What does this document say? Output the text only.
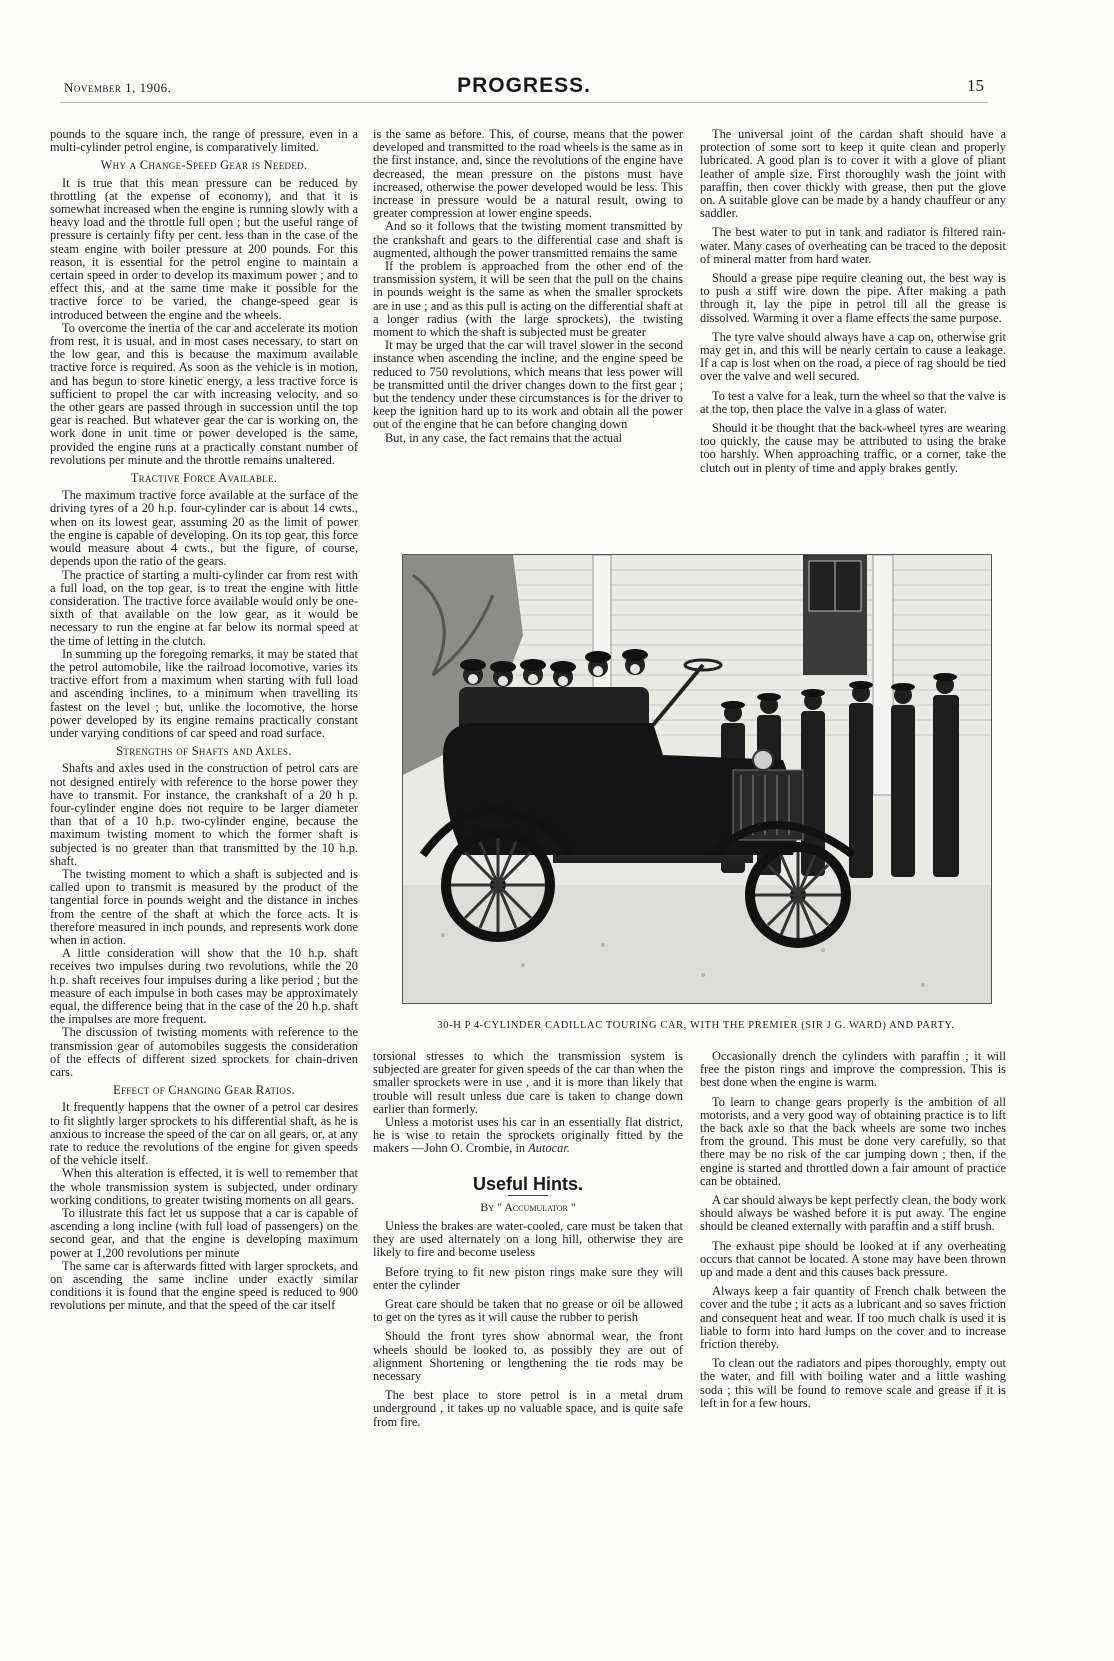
November 1, 1906.	PROGRESS.	15

pounds to the square inch, the range of pressure, even in a multi-cylinder petrol engine, is comparatively limited.

Why a Change-Speed Gear is Needed.

It is true that this mean pressure can be reduced by throttling (at the expense of economy), and that it is somewhat increased when the engine is running slowly with a heavy load and the throttle full open ; but the useful range of pressure is certainly fifty per cent. less than in the case of the steam engine with boiler pressure at 200 pounds. For this reason, it is essential for the petrol engine to maintain a certain speed in order to develop its maximum power ; and to effect this, and at the same time make it possible for the tractive force to be varied, the change-speed gear is introduced between the engine and the wheels.

To overcome the inertia of the car and accelerate its motion from rest, it is usual, and in most cases necessary, to start on the low gear, and this is because the maximum available tractive force is required. As soon as the vehicle is in motion, and has begun to store kinetic energy, a less tractive force is sufficient to propel the car with increasing velocity, and so the other gears are passed through in succession until the top gear is reached. But whatever gear the car is working on, the work done in unit time or power developed is the same, provided the engine runs at a practically constant number of revolutions per minute and the throttle remains unaltered.

Tractive Force Available.

The maximum tractive force available at the surface of the driving tyres of a 20 h.p. four-cylinder car is about 14 cwts., when on its lowest gear, assuming 20 as the limit of power the engine is capable of developing. On its top gear, this force would measure about 4 cwts., but the figure, of course, depends upon the ratio of the gears.

The practice of starting a multi-cylinder car from rest with a full load, on the top gear, is to treat the engine with little consideration. The tractive force available would only be one-sixth of that available on the low gear, as it would be necessary to run the engine at far below its normal speed at the time of letting in the clutch.

In summing up the foregoing remarks, it may be stated that the petrol automobile, like the railroad locomotive, varies its tractive effort from a maximum when starting with full load and ascending inclines, to a minimum when travelling its fastest on the level ; but, unlike the locomotive, the horse power developed by its engine remains practically constant under varying conditions of car speed and road surface.

Strengths of Shafts and Axles.

Shafts and axles used in the construction of petrol cars are not designed entirely with reference to the horse power they have to transmit. For instance, the crankshaft of a 20 h p. four-cylinder engine does not require to be larger diameter than that of a 10 h.p. two-cylinder engine, because the maximum twisting moment to which the former shaft is subjected is no greater than that transmitted by the 10 h.p. shaft.

The twisting moment to which a shaft is subjected and is called upon to transmit is measured by the product of the tangential force in pounds weight and the distance in inches from the centre of the shaft at which the force acts. It is therefore measured in inch pounds, and represents work done when in action.

A little consideration will show that the 10 h.p. shaft receives two impulses during two revolutions, while the 20 h.p. shaft receives four impulses during a like period ; but the measure of each impulse in both cases may be approximately equal, the difference being that in the case of the 20 h.p. shaft the impulses are more frequent.

The discussion of twisting moments with reference to the transmission gear of automobiles suggests the consideration of the effects of different sized sprockets for chain-driven cars.

Effect of Changing Gear Ratios.

It frequently happens that the owner of a petrol car desires to fit slightly larger sprockets to his differential shaft, as he is anxious to increase the speed of the car on all gears, or, at any rate to reduce the revolutions of the engine for given speeds of the vehicle itself.

When this alteration is effected, it is well to remember that the whole transmission system is subjected, under ordinary working conditions, to greater twisting moments on all gears.

To illustrate this fact let us suppose that a car is capable of ascending a long incline (with full load of passengers) on the second gear, and that the engine is developing maximum power at 1,200 revolutions per minute

The same car is afterwards fitted with larger sprockets, and on ascending the same incline under exactly similar conditions it is found that the engine speed is reduced to 900 revolutions per minute, and that the speed of the car itself

is the same as before. This, of course, means that the power developed and transmitted to the road wheels is the same as in the first instance, and, since the revolutions of the engine have decreased, the mean pressure on the pistons must have increased, otherwise the power developed would be less. This increase in pressure would be a natural result, owing to greater compression at lower engine speeds.

And so it follows that the twisting moment transmitted by the crankshaft and gears to the differential case and shaft is augmented, although the power transmitted remains the same

If the problem is approached from the other end of the transmission system, it will be seen that the pull on the chains in pounds weight is the same as when the smaller sprockets are in use ; and as this pull is acting on the differential shaft at a longer radius (with the large sprockets), the twisting moment to which the shaft is subjected must be greater

It may be urged that the car will travel slower in the second instance when ascending the incline, and the engine speed be reduced to 750 revolutions, which means that less power will be transmitted until the driver changes down to the first gear ; but the tendency under these circumstances is for the driver to keep the ignition hard up to its work and obtain all the power out of the engine that he can before changing down

But, in any case, the fact remains that the actual

The universal joint of the cardan shaft should have a protection of some sort to keep it quite clean and properly lubricated. A good plan is to cover it with a glove of pliant leather of ample size. First thoroughly wash the joint with paraffin, then cover thickly with grease, then put the glove on. A suitable glove can be made by a handy chauffeur or any saddler.

The best water to put in tank and radiator is filtered rain-water. Many cases of overheating can be traced to the deposit of mineral matter from hard water.

Should a grease pipe require cleaning out, the best way is to push a stiff wire down the pipe. After making a path through it, lay the pipe in petrol till all the grease is dissolved. Warming it over a flame effects the same purpose.

The tyre valve should always have a cap on, otherwise grit may get in, and this will be nearly certain to cause a leakage. If a cap is lost when on the road, a piece of rag should be tied over the valve and well secured.

To test a valve for a leak, turn the wheel so that the valve is at the top, then place the valve in a glass of water.

Should it be thought that the back-wheel tyres are wearing too quickly, the cause may be attributed to using the brake too harshly. When approaching traffic, or a corner, take the clutch out in plenty of time and apply brakes gently.

30-H P 4-CYLINDER CADILLAC TOURING CAR, WITH THE PREMIER (SIR J G. WARD) AND PARTY.

torsional stresses to which the transmission system is subjected are greater for given speeds of the car than when the smaller sprockets were in use , and it is more than likely that trouble will result unless due care is taken to change down earlier than formerly.

Unless a motorist uses his car in an essentially flat district, he is wise to retain the sprockets originally fitted by the makers —John O. Crombie, in Autocar.

Useful Hints.
By " Accumulator "

Unless the brakes are water-cooled, care must be taken that they are used alternately on a long hill, otherwise they are likely to fire and become useless

Before trying to fit new piston rings make sure they will enter the cylinder

Great care should be taken that no grease or oil be allowed to get on the tyres as it will cause the rubber to perish

Should the front tyres show abnormal wear, the front wheels should be looked to, as possibly they are out of alignment Shortening or lengthening the tie rods may be necessary

The best place to store petrol is in a metal drum underground , it takes up no valuable space, and is quite safe from fire.

Occasionally drench the cylinders with paraffin ; it will free the piston rings and improve the compression. This is best done when the engine is warm.

To learn to change gears properly is the ambition of all motorists, and a very good way of obtaining practice is to lift the back axle so that the back wheels are some two inches from the ground. This must be done very carefully, so that there may be no risk of the car jumping down ; then, if the engine is started and throttled down a fair amount of practice can be obtained.

A car should always be kept perfectly clean, the body work should always be washed before it is put away. The engine should be cleaned externally with paraffin and a stiff brush.

The exhaust pipe should be looked at if any overheating occurs that cannot be located. A stone may have been thrown up and made a dent and this causes back pressure.

Always keep a fair quantity of French chalk between the cover and the tube ; it acts as a lubricant and so saves friction and consequent heat and wear. If too much chalk is used it is liable to form into hard lumps on the cover and to increase friction thereby.

To clean out the radiators and pipes thoroughly, empty out the water, and fill with boiling water and a little washing soda ; this will be found to remove scale and grease if it is left in for a few hours.
